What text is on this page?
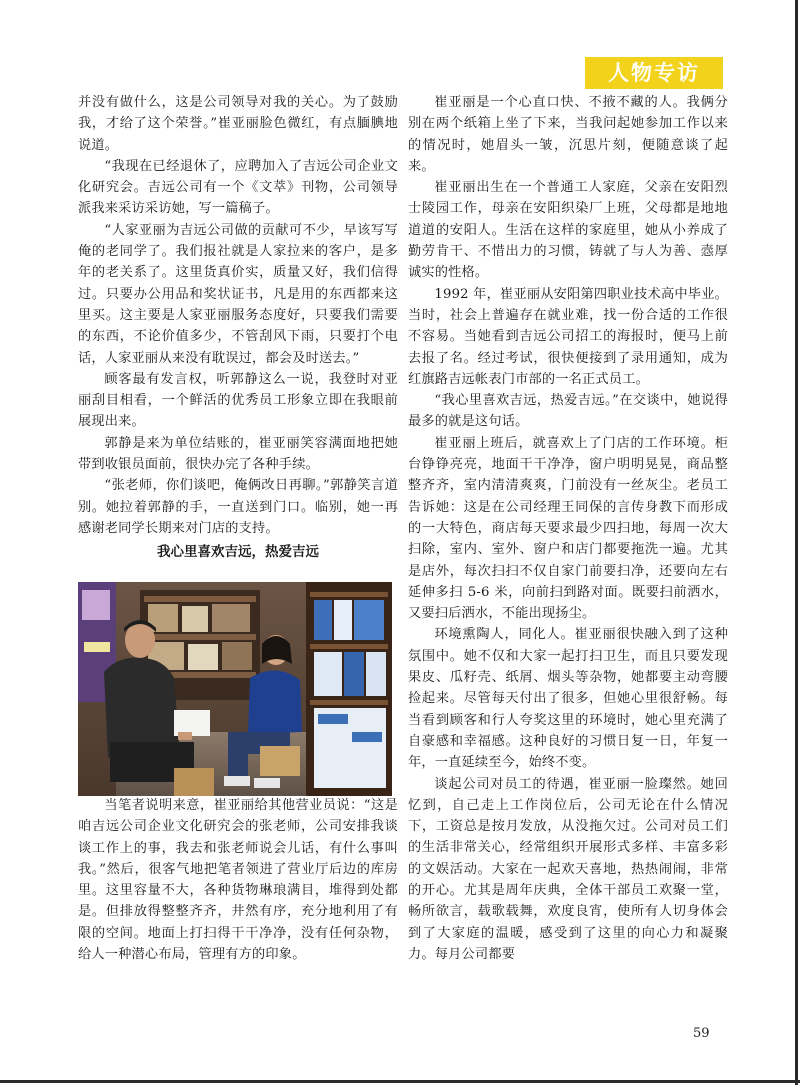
人物专访

并没有做什么，这是公司领导对我的关心。为了鼓励我，才给了这个荣誉。”崔亚丽脸色微红，有点腼腆地说道。

“我现在已经退休了，应聘加入了吉远公司企业文化研究会。吉远公司有一个《文萃》刊物，公司领导派我来采访采访她，写一篇稿子。

“人家亚丽为吉远公司做的贡献可不少，早该写写俺的老同学了。我们报社就是人家拉来的客户，是多年的老关系了。这里货真价实，质量又好，我们信得过。只要办公用品和奖状证书，凡是用的东西都来这里买。这主要是人家亚丽服务态度好，只要我们需要的东西，不论价值多少，不管刮风下雨，只要打个电话，人家亚丽从来没有耽误过，都会及时送去。”

顾客最有发言权，听郭静这么一说，我登时对亚丽刮目相看，一个鲜活的优秀员工形象立即在我眼前展现出来。

郭静是来为单位结账的，崔亚丽笑容满面地把她带到收银员面前，很快办完了各种手续。

“张老师，你们谈吧，俺俩改日再聊。”郭静笑言道别。她拉着郭静的手，一直送到门口。临别，她一再感谢老同学长期来对门店的支持。

我心里喜欢吉远，热爱吉远

当笔者说明来意，崔亚丽给其他营业员说：“这是咱吉远公司企业文化研究会的张老师，公司安排我谈谈工作上的事，我去和张老师说会儿话，有什么事叫我。”然后，很客气地把笔者领进了营业厅后边的库房里。这里容量不大，各种货物琳琅满目，堆得到处都是。但排放得整整齐齐，井然有序，充分地利用了有限的空间。地面上打扫得干干净净，没有任何杂物，给人一种潜心布局，管理有方的印象。

崔亚丽是一个心直口快、不掖不藏的人。我俩分别在两个纸箱上坐了下来，当我问起她参加工作以来的情况时，她眉头一皱，沉思片刻，便随意谈了起来。

崔亚丽出生在一个普通工人家庭，父亲在安阳烈士陵园工作，母亲在安阳织染厂上班，父母都是地地道道的安阳人。生活在这样的家庭里，她从小养成了勤劳肯干、不惜出力的习惯，铸就了与人为善、悫厚诚实的性格。

1992 年，崔亚丽从安阳第四职业技术高中毕业。当时，社会上普遍存在就业难，找一份合适的工作很不容易。当她看到吉远公司招工的海报时，便马上前去报了名。经过考试，很快便接到了录用通知，成为红旗路吉远帐表门市部的一名正式员工。

“我心里喜欢吉远，热爱吉远。”在交谈中，她说得最多的就是这句话。

崔亚丽上班后，就喜欢上了门店的工作环境。柜台铮铮亮亮，地面干干净净，窗户明明晃晃，商品整整齐齐，室内清清爽爽，门前没有一丝灰尘。老员工告诉她：这是在公司经理王同保的言传身教下而形成的一大特色，商店每天要求最少四扫地，每周一次大扫除，室内、室外、窗户和店门都要拖洗一遍。尤其是店外，每次扫扫不仅自家门前要扫净，还要向左右延伸多扫 5-6 米，向前扫到路对面。既要扫前洒水，又要扫后洒水，不能出现扬尘。

环境熏陶人，同化人。崔亚丽很快融入到了这种氛围中。她不仅和大家一起打扫卫生，而且只要发现果皮、瓜籽壳、纸屑、烟头等杂物，她都要主动弯腰捡起来。尽管每天付出了很多，但她心里很舒畅。每当看到顾客和行人夸奖这里的环境时，她心里充满了自豪感和幸福感。这种良好的习惯日复一日，年复一年，一直延续至今，始终不变。

谈起公司对员工的待遇，崔亚丽一脸璨然。她回忆到，自己走上工作岗位后，公司无论在什么情况下，工资总是按月发放，从没拖欠过。公司对员工们的生活非常关心，经常组织开展形式多样、丰富多彩的文娱活动。大家在一起欢天喜地，热热闹闹，非常的开心。尤其是周年庆典，全体干部员工欢聚一堂，畅所欲言，载歌载舞，欢度良宵，使所有人切身体会到了大家庭的温暖，感受到了这里的向心力和凝聚力。每月公司都要

59
